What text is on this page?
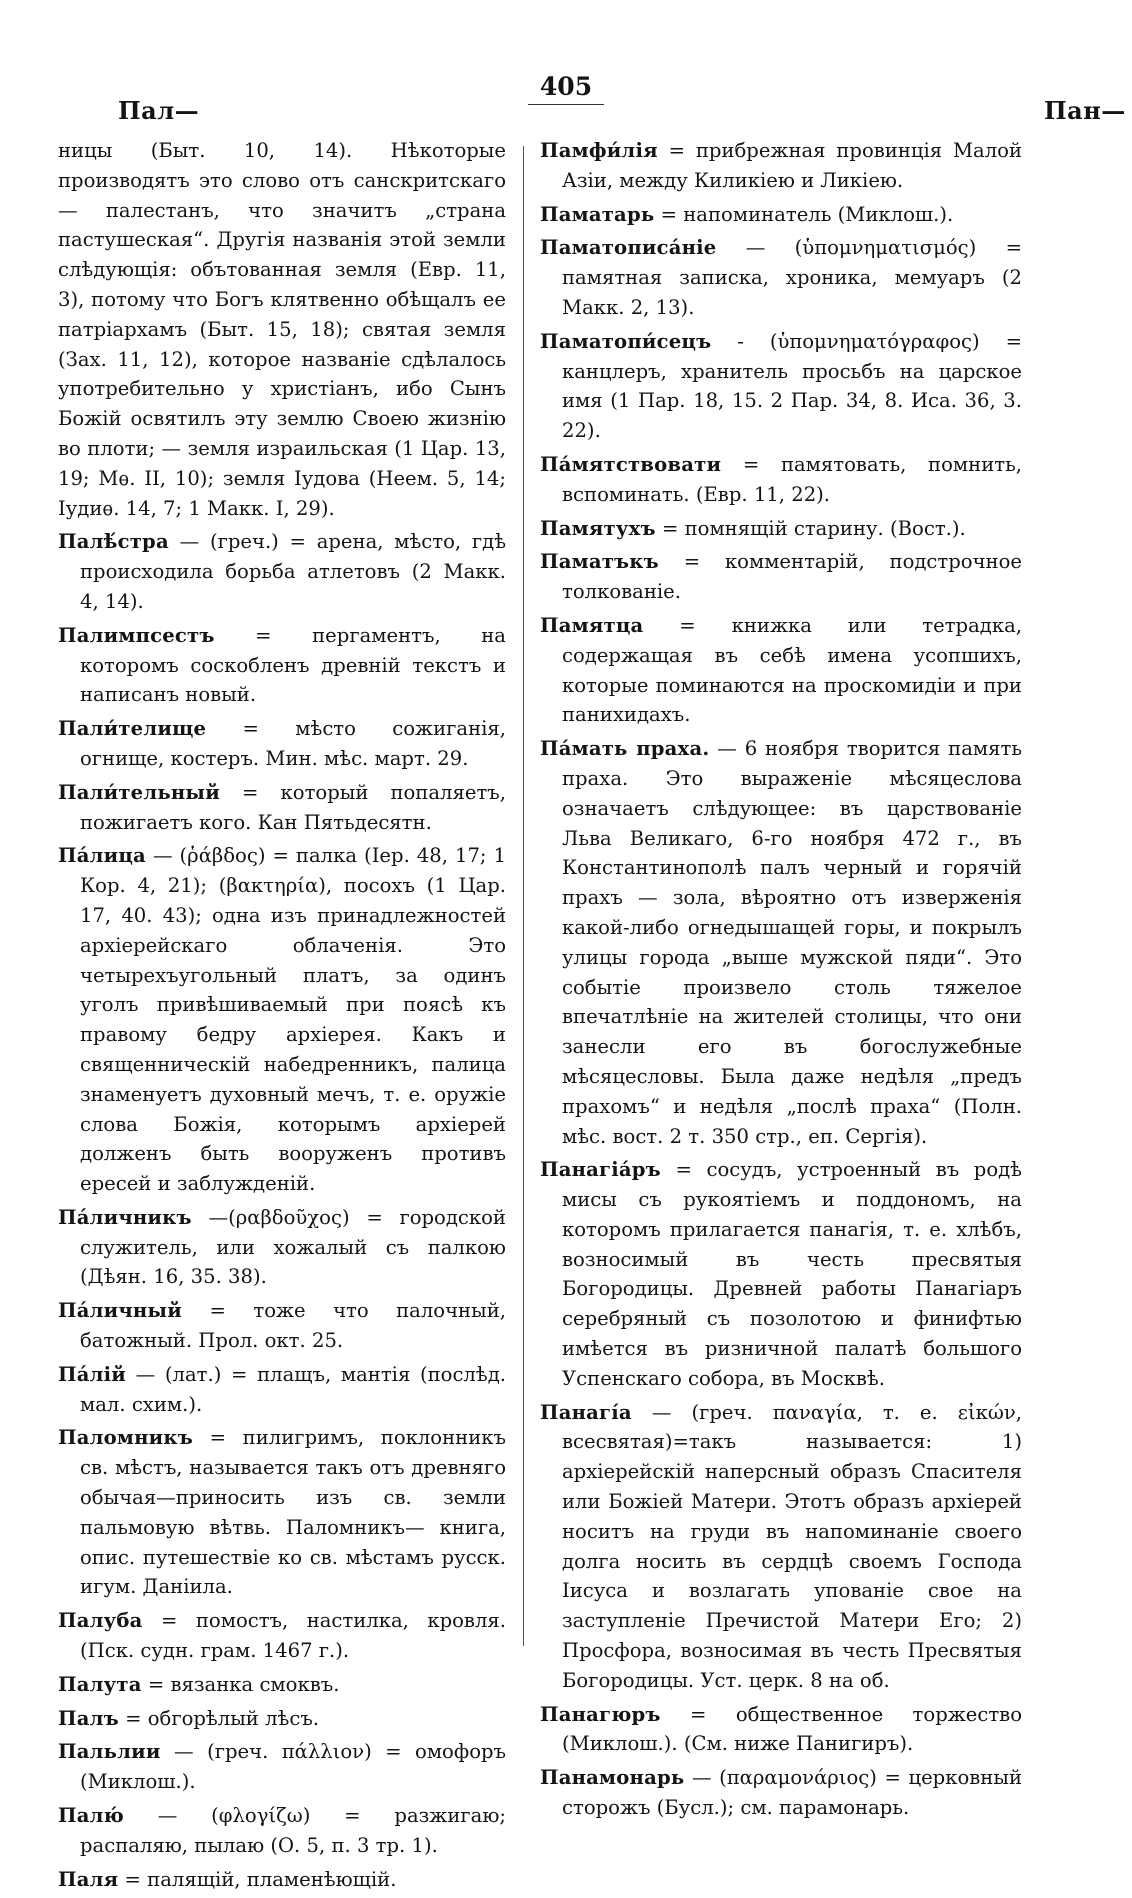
405
Пал—	Пан—
ницы (Быт. 10, 14). Нѣкоторые производятъ это слово отъ санскритскаго — палестанъ, что значитъ „страна пастушеская“. Другія названія этой земли слѣдующія: обътованная земля (Евр. 11, 3), потому что Богъ клятвенно обѣщалъ ее патріархамъ (Быт. 15, 18); святая земля (Зах. 11, 12), которое названіе сдѣлалось употребительно у христіанъ, ибо Сынъ Божій освятилъ эту землю Своею жизнію во плоти; — земля израильская (1 Цар. 13, 19; Мѳ. II, 10); земля Іудова (Неем. 5, 14; Іудиѳ. 14, 7; 1 Макк. I, 29).
Палѣ́стра — (греч.) = арена, мѣсто, гдѣ происходила борьба атлетовъ (2 Макк. 4, 14).
Палимпсестъ = пергаментъ, на которомъ соскобленъ древній текстъ и написанъ новый.
Пали́телище = мѣсто сожиганія, огнище, костеръ. Мин. мѣс. март. 29.
Пали́тельный = который попаляетъ, пожигаетъ кого. Кан Пятьдесятн.
Пáлица — (ῥάβδος) = палка (Іер. 48, 17; 1 Кор. 4, 21); (βακτηρία), посохъ (1 Цар. 17, 40. 43); одна изъ принадлежностей архіерейскаго облаченія. Это четырехъугольный платъ, за одинъ уголъ привѣшиваемый при поясѣ къ правому бедру архіерея. Какъ и священническій набедренникъ, палица знаменуетъ духовный мечъ, т. е. оружіе слова Божія, которымъ архіерей долженъ быть вооруженъ противъ ересей и заблужденій.
Пáличникъ —(ραβδοῦχος) = городской служитель, или хожалый съ палкою (Дѣян. 16, 35. 38).
Пáличный = тоже что палочный, батожный. Прол. окт. 25.
Пáлій — (лат.) = плащъ, мантія (послѣд. мал. схим.).
Паломникъ = пилигримъ, поклонникъ св. мѣстъ, называется такъ отъ древняго обычая—приносить изъ св. земли пальмовую вѣтвь. Паломникъ— книга, опис. путешествіе ко св. мѣстамъ русск. игум. Даніила.
Палуба = помостъ, настилка, кровля. (Пск. судн. грам. 1467 г.).
Палута = вязанка смоквъ.
Палъ = обгорѣлый лѣсъ.
Пальлии — (греч. πάλλιον) = омофоръ (Миклош.).
Палю́ — (φλογίζω) = разжигаю; распаляю, пылаю (О. 5, п. 3 тр. 1).
Паля = палящій, пламенѣющій.
Памфи́лія = прибрежная провинція Малой Азіи, между Киликіею и Ликіею.
Паматарь = напоминатель (Миклош.).
Паматописа́ніе — (ὑπομνηματισμός) = памятная записка, хроника, мемуаръ (2 Макк. 2, 13).
Паматопи́сецъ - (ὑπομνηματόγραφος) = канцлеръ, хранитель просьбъ на царское имя (1 Пар. 18, 15. 2 Пар. 34, 8. Иса. 36, 3. 22).
Па́мятствовати = памятовать, помнить, вспоминать. (Евр. 11, 22).
Памятухъ = помнящій старину. (Вост.).
Паматъкъ = комментарій, подстрочное толкованіе.
Памятца = книжка или тетрадка, содержащая въ себѣ имена усопшихъ, которые поминаются на проскомидіи и при панихидахъ.
Па́мать праха. — 6 ноября творится память праха. Это выраженіе мѣсяцеслова означаетъ слѣдующее: въ царствованіе Льва Великаго, 6-го ноября 472 г., въ Константинополѣ палъ черный и горячій прахъ — зола, вѣроятно отъ изверженія какой-либо огнедышащей горы, и покрылъ улицы города „выше мужской пяди“. Это событіе произвело столь тяжелое впечатлѣніе на жителей столицы, что они занесли его въ богослужебные мѣсяцесловы. Была даже недѣля „предъ прахомъ“ и недѣля „послѣ праха“ (Полн. мѣс. вост. 2 т. 350 стр., еп. Сергія).
Панагіа́ръ = сосудъ, устроенный въ родѣ мисы съ рукоятіемъ и поддономъ, на которомъ прилагается панагія, т. е. хлѣбъ, возносимый въ честь пресвятыя Богородицы. Древней работы Панагіаръ серебряный съ позолотою и финифтью имѣется въ ризничной палатѣ большого Успенскаго собора, въ Москвѣ.
Панагі́а — (греч. παναγία, т. е. εἰκών, всесвятая)=такъ называется: 1) архіерейскій наперсный образъ Спасителя или Божіей Матери. Этотъ образъ архіерей носитъ на груди въ напоминаніе своего долга носить въ сердцѣ своемъ Господа Іисуса и возлагать упованіе свое на заступленіе Пречистой Матери Его; 2) Просфора, возносимая въ честь Пресвятыя Богородицы. Уст. церк. 8 на об.
Панагюръ = общественное торжество (Миклош.). (См. ниже Панигиръ).
Панамонарь — (παραμονάριος) = церковный сторожъ (Бусл.); см. парамонарь.
